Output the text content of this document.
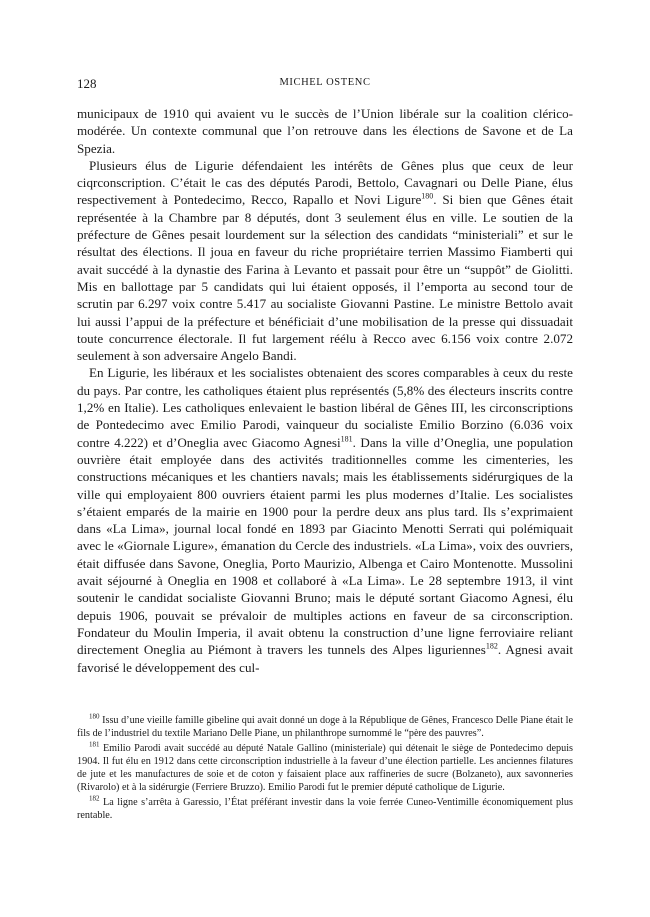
128	MICHEL OSTENC

municipaux de 1910 qui avaient vu le succès de l’Union libérale sur la coalition clérico-modérée. Un contexte communal que l’on retrouve dans les élections de Savone et de La Spezia.

Plusieurs élus de Ligurie défendaient les intérêts de Gênes plus que ceux de leur ciqrconscription. C’était le cas des députés Parodi, Bettolo, Cavagnari ou Delle Piane, élus respectivement à Pontedecimo, Recco, Rapallo et Novi Ligure$^{180}$. Si bien que Gênes était représentée à la Chambre par 8 députés, dont 3 seulement élus en ville. Le soutien de la préfecture de Gênes pesait lourdement sur la sélection des candidats “ministeriali” et sur le résultat des élections. Il joua en faveur du riche propriétaire terrien Massimo Fiamberti qui avait succédé à la dynastie des Farina à Levanto et passait pour être un “suppôt” de Giolitti. Mis en ballottage par 5 candidats qui lui étaient opposés, il l’emporta au second tour de scrutin par 6.297 voix contre 5.417 au socialiste Giovanni Pastine. Le ministre Bettolo avait lui aussi l’appui de la préfecture et bénéficiait d’une mobilisation de la presse qui dissuadait toute concurrence électorale. Il fut largement réélu à Recco avec 6.156 voix contre 2.072 seulement à son adversaire Angelo Bandi.

En Ligurie, les libéraux et les socialistes obtenaient des scores comparables à ceux du reste du pays. Par contre, les catholiques étaient plus représentés (5,8% des électeurs inscrits contre 1,2% en Italie). Les catholiques enlevaient le bastion libéral de Gênes III, les circonscriptions de Pontedecimo avec Emilio Parodi, vainqueur du socialiste Emilio Borzino (6.036 voix contre 4.222) et d’Oneglia avec Giacomo Agnesi$^{181}$. Dans la ville d’Oneglia, une population ouvrière était employée dans des activités traditionnelles comme les cimenteries, les constructions mécaniques et les chantiers navals; mais les établissements sidérurgiques de la ville qui employaient 800 ouvriers étaient parmi les plus modernes d’Italie. Les socialistes s’étaient emparés de la mairie en 1900 pour la perdre deux ans plus tard. Ils s’exprimaient dans «La Lima», journal local fondé en 1893 par Giacinto Menotti Serrati qui polémiquait avec le «Giornale Ligure», émanation du Cercle des industriels. «La Lima», voix des ouvriers, était diffusée dans Savone, Oneglia, Porto Maurizio, Albenga et Cairo Montenotte. Mussolini avait séjourné à Oneglia en 1908 et collaboré à «La Lima». Le 28 septembre 1913, il vint soutenir le candidat socialiste Giovanni Bruno; mais le député sortant Giacomo Agnesi, élu depuis 1906, pouvait se prévaloir de multiples actions en faveur de sa circonscription. Fondateur du Moulin Imperia, il avait obtenu la construction d’une ligne ferroviaire reliant directement Oneglia au Piémont à travers les tunnels des Alpes liguriennes$^{182}$. Agnesi avait favorisé le développement des cul-

$^{180}$ Issu d’une vieille famille gibeline qui avait donné un doge à la République de Gênes, Francesco Delle Piane était le fils de l’industriel du textile Mariano Delle Piane, un philanthrope surnommé le “père des pauvres”.

$^{181}$ Emilio Parodi avait succédé au député Natale Gallino (ministeriale) qui détenait le siège de Pontedecimo depuis 1904. Il fut élu en 1912 dans cette circonscription industrielle à la faveur d’une élection partielle. Les anciennes filatures de jute et les manufactures de soie et de coton y faisaient place aux raffineries de sucre (Bolzaneto), aux savonneries (Rivarolo) et à la sidérurgie (Ferriere Bruzzo). Emilio Parodi fut le premier député catholique de Ligurie.

$^{182}$ La ligne s’arrêta à Garessio, l’État préférant investir dans la voie ferrée Cuneo-Ventimille économiquement plus rentable.
